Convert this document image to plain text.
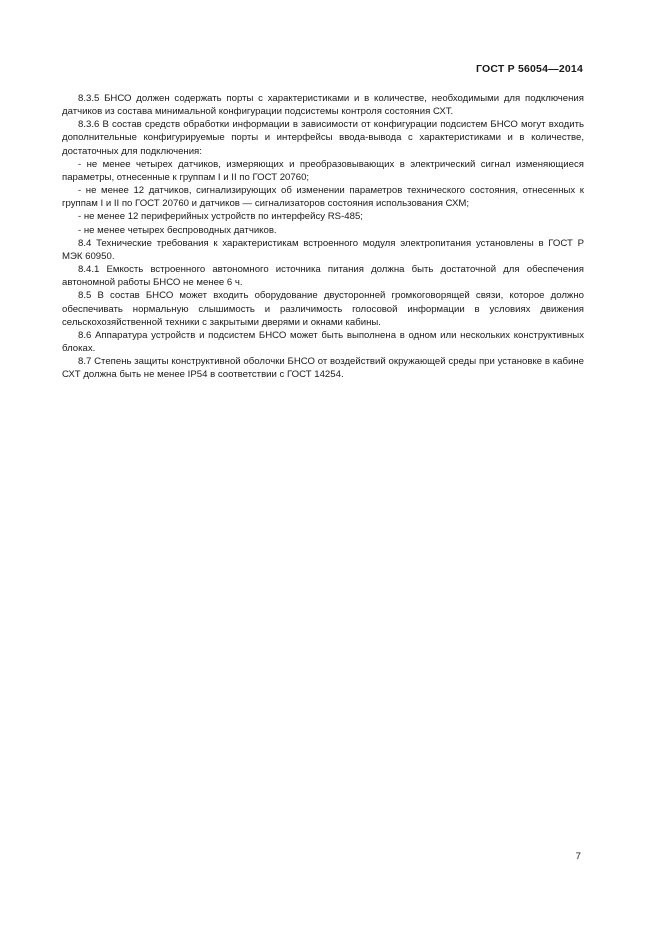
ГОСТ Р 56054—2014

8.3.5 БНСО должен содержать порты с характеристиками и в количестве, необходимыми для подключения датчиков из состава минимальной конфигурации подсистемы контроля состояния СХТ.

8.3.6 В состав средств обработки информации в зависимости от конфигурации подсистем БНСО могут входить дополнительные конфигурируемые порты и интерфейсы ввода-вывода с характеристиками и в количестве, достаточных для подключения:

- не менее четырех датчиков, измеряющих и преобразовывающих в электрический сигнал изменяющиеся параметры, отнесенные к группам I и II по ГОСТ 20760;

- не менее 12 датчиков, сигнализирующих об изменении параметров технического состояния, отнесенных к группам I и II по ГОСТ 20760 и датчиков — сигнализаторов состояния использования СХМ;

- не менее 12 периферийных устройств по интерфейсу RS-485;

- не менее четырех беспроводных датчиков.

8.4 Технические требования к характеристикам встроенного модуля электропитания установлены в ГОСТ Р МЭК 60950.

8.4.1 Емкость встроенного автономного источника питания должна быть достаточной для обеспечения автономной работы БНСО не менее 6 ч.

8.5 В состав БНСО может входить оборудование двусторонней громкоговорящей связи, которое должно обеспечивать нормальную слышимость и различимость голосовой информации в условиях движения сельскохозяйственной техники с закрытыми дверями и окнами кабины.

8.6 Аппаратура устройств и подсистем БНСО может быть выполнена в одном или нескольких конструктивных блоках.

8.7 Степень защиты конструктивной оболочки БНСО от воздействий окружающей среды при установке в кабине СХТ должна быть не менее IP54 в соответствии с ГОСТ 14254.

7
